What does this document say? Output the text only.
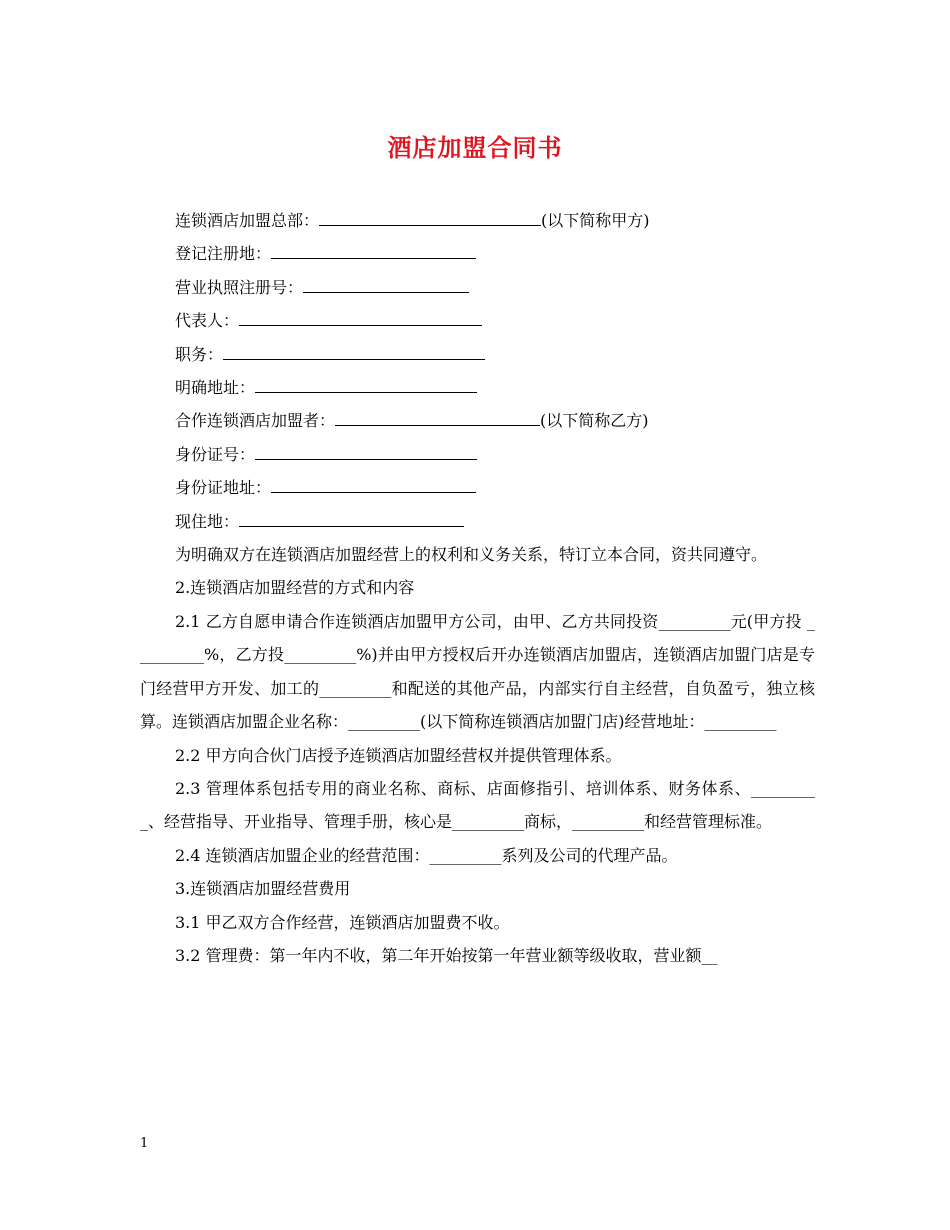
酒店加盟合同书
连锁酒店加盟总部：	(以下简称甲方)
登记注册地：
营业执照注册号：
代表人：
职务：
明确地址：
合作连锁酒店加盟者：	(以下简称乙方)
身份证号：
身份证地址：
现住地：
为明确双方在连锁酒店加盟经营上的权利和义务关系，特订立本合同，资共同遵守。
2.连锁酒店加盟经营的方式和内容
2.1 乙方自愿申请合作连锁酒店加盟甲方公司，由甲、乙方共同投资_________元(甲方投 _________%，乙方投_________%)并由甲方授权后开办连锁酒店加盟店，连锁酒店加盟门店是专门经营甲方开发、加工的_________和配送的其他产品，内部实行自主经营，自负盈亏，独立核算。连锁酒店加盟企业名称：_________(以下简称连锁酒店加盟门店)经营地址：_________
2.2 甲方向合伙门店授予连锁酒店加盟经营权并提供管理体系。
2.3 管理体系包括专用的商业名称、商标、店面修指引、培训体系、财务体系、_________、经营指导、开业指导、管理手册，核心是_________商标，_________和经营管理标准。
2.4 连锁酒店加盟企业的经营范围：_________系列及公司的代理产品。
3.连锁酒店加盟经营费用
3.1 甲乙双方合作经营，连锁酒店加盟费不收。
3.2 管理费：第一年内不收，第二年开始按第一年营业额等级收取，营业额__
1
